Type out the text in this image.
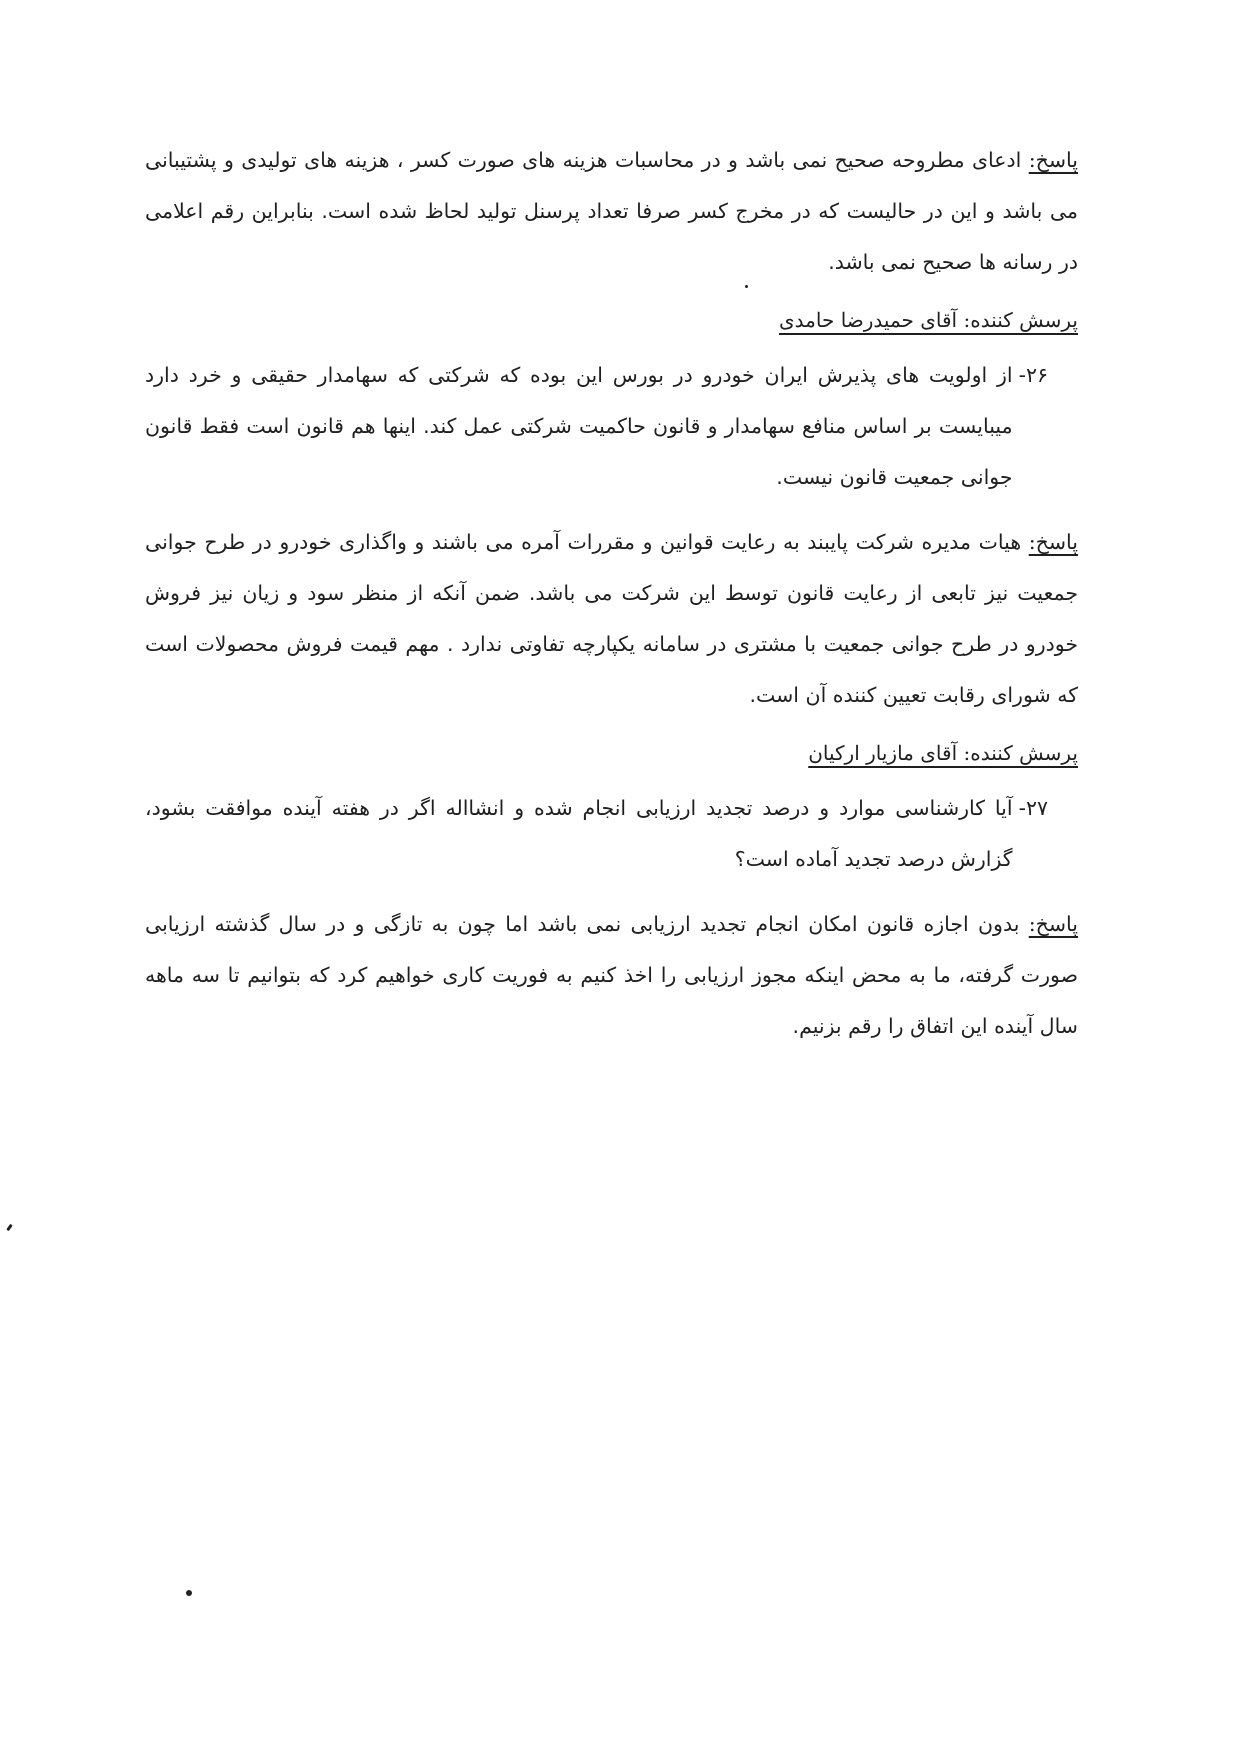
پاسخ: ادعای مطروحه صحیح نمی باشد و در محاسبات هزینه های صورت کسر ، هزینه های تولیدی و پشتیبانی می باشد و این در حالیست که در مخرج کسر صرفا تعداد پرسنل تولید لحاظ شده است. بنابراین رقم اعلامی در رسانه ها صحیح نمی باشد.

پرسش کننده: آقای حمیدرضا حامدی

۲۶-
از اولویت های پذیرش ایران خودرو در بورس این بوده که شرکتی که سهامدار حقیقی و خرد دارد میبایست بر اساس منافع سهامدار و قانون حاکمیت شرکتی عمل کند. اینها هم قانون است فقط قانون جوانی جمعیت قانون نیست.

پاسخ: هیات مدیره شرکت پایبند به رعایت قوانین و مقررات آمره می باشند و واگذاری خودرو در طرح جوانی جمعیت نیز تابعی از رعایت قانون توسط این شرکت می باشد. ضمن آنکه از منظر سود و زیان نیز فروش خودرو در طرح جوانی جمعیت با مشتری در سامانه یکپارچه تفاوتی ندارد . مهم قیمت فروش محصولات است که شورای رقابت تعیین کننده آن است.

پرسش کننده: آقای مازیار ارکیان

۲۷-
آیا کارشناسی موارد و درصد تجدید ارزیابی انجام شده و انشااله اگر در هفته آینده موافقت بشود، گزارش درصد تجدید آماده است؟

پاسخ: بدون اجازه قانون امکان انجام تجدید ارزیابی نمی باشد اما چون به تازگی و در سال گذشته ارزیابی صورت گرفته، ما به محض اینکه مجوز ارزیابی را اخذ کنیم به فوریت کاری خواهیم کرد که بتوانیم تا سه ماهه سال آینده این اتفاق را رقم بزنیم.
